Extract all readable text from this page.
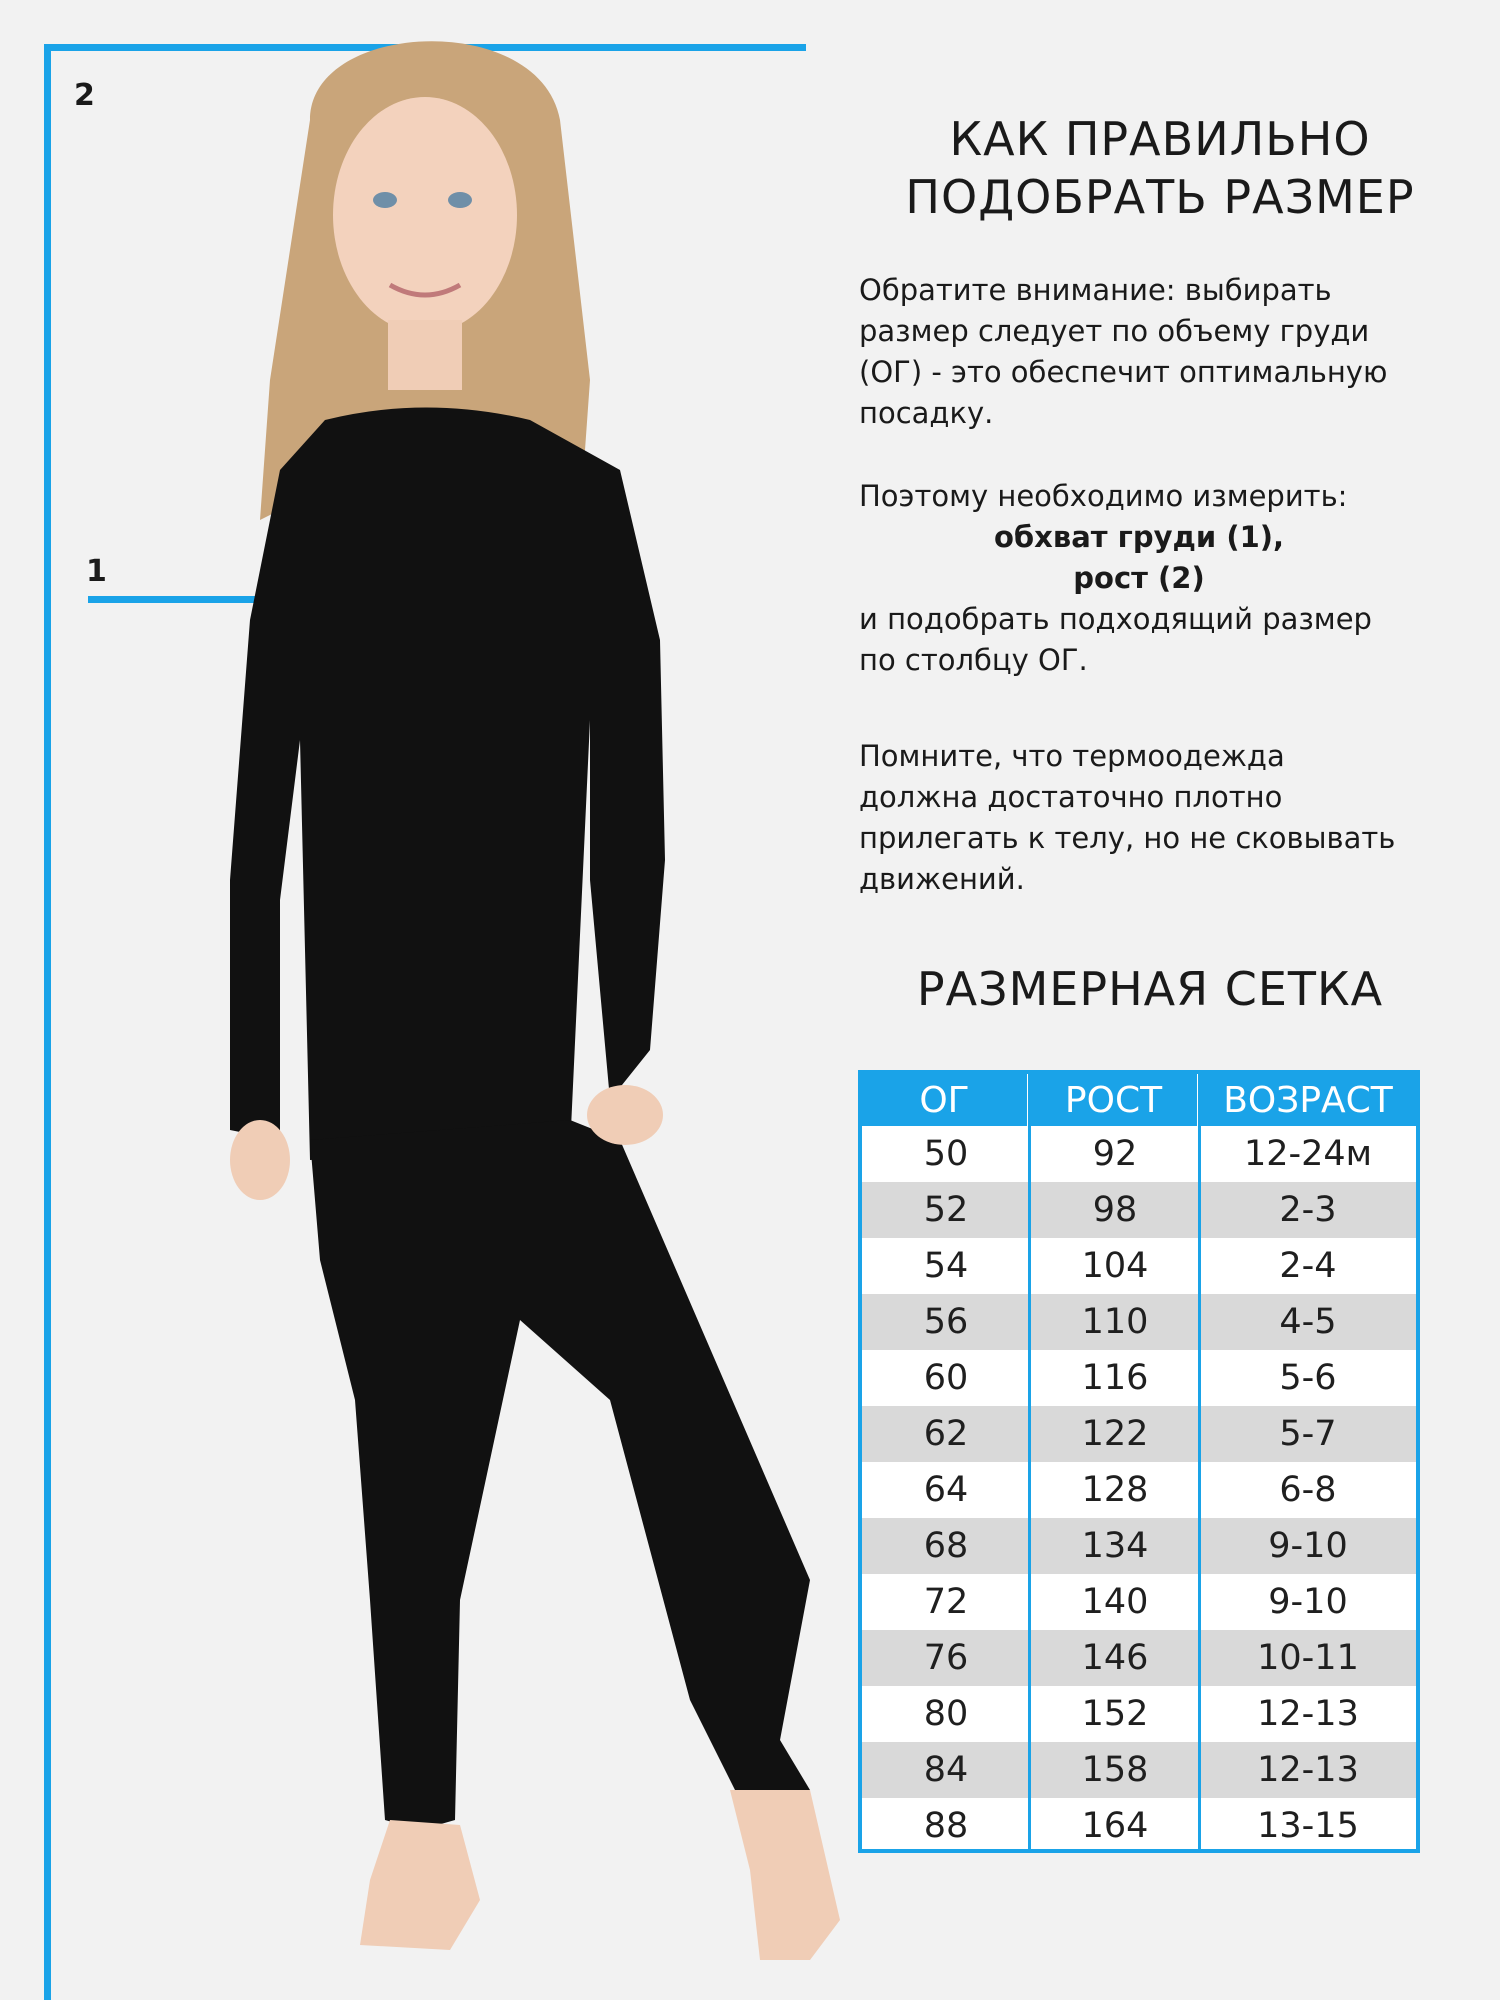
2
1
КАК ПРАВИЛЬНО
ПОДОБРАТЬ РАЗМЕР
Обратите внимание: выбирать
размер следует по объему груди
(ОГ) - это обеспечит оптимальную
посадку.
Поэтому необходимо измерить:
обхват груди (1),
рост (2)
и подобрать подходящий размер
по столбцу ОГ.
Помните, что термоодежда
должна достаточно плотно
прилегать к телу, но не сковывать
движений.
РАЗМЕРНАЯ СЕТКА
ОГ	РОСТ	ВОЗРАСТ
50	92	12-24м
52	98	2-3
54	104	2-4
56	110	4-5
60	116	5-6
62	122	5-7
64	128	6-8
68	134	9-10
72	140	9-10
76	146	10-11
80	152	12-13
84	158	12-13
88	164	13-15
